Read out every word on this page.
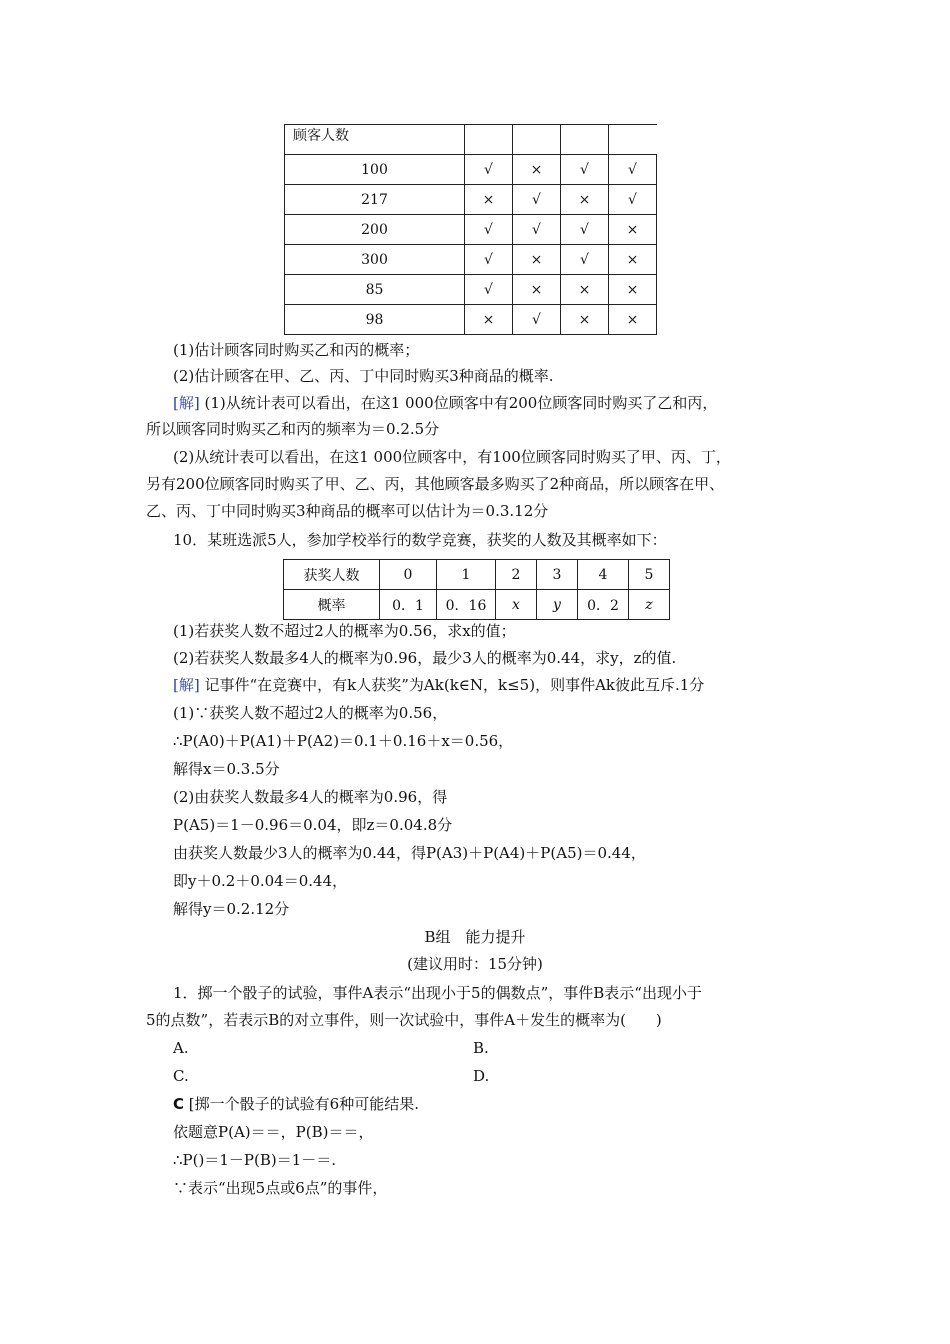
顾客人数				
100	√	×	√	√
217	×	√	×	√
200	√	√	√	×
300	√	×	√	×
85	√	×	×	×
98	×	√	×	×
(1)估计顾客同时购买乙和丙的概率；
(2)估计顾客在甲、乙、丙、丁中同时购买3种商品的概率.
[解] (1)从统计表可以看出，在这1 000位顾客中有200位顾客同时购买了乙和丙，
所以顾客同时购买乙和丙的频率为＝0.2.5分
(2)从统计表可以看出，在这1 000位顾客中，有100位顾客同时购买了甲、丙、丁，
另有200位顾客同时购买了甲、乙、丙，其他顾客最多购买了2种商品，所以顾客在甲、
乙、丙、丁中同时购买3种商品的概率可以估计为＝0.3.12分
10．某班选派5人，参加学校举行的数学竞赛，获奖的人数及其概率如下：
获奖人数	0	1	2	3	4	5
概率	0．1	0．16	x	y	0．2	z
(1)若获奖人数不超过2人的概率为0.56，求x的值；
(2)若获奖人数最多4人的概率为0.96，最少3人的概率为0.44，求y，z的值.
[解] 记事件“在竞赛中，有k人获奖”为Ak(k∈N，k≤5)，则事件Ak彼此互斥.1分
(1)∵获奖人数不超过2人的概率为0.56，
∴P(A0)＋P(A1)＋P(A2)＝0.1＋0.16＋x＝0.56，
解得x＝0.3.5分
(2)由获奖人数最多4人的概率为0.96，得
P(A5)＝1－0.96＝0.04，即z＝0.04.8分
由获奖人数最少3人的概率为0.44，得P(A3)＋P(A4)＋P(A5)＝0.44，
即y＋0.2＋0.04＝0.44，
解得y＝0.2.12分
B组　能力提升
(建议用时：15分钟)
1．掷一个骰子的试验，事件A表示“出现小于5的偶数点”，事件B表示“出现小于
5的点数”，若表示B的对立事件，则一次试验中，事件A＋发生的概率为(　　)
A.	B.
C.	D.
C [掷一个骰子的试验有6种可能结果.
依题意P(A)＝＝，P(B)＝＝，
∴P()＝1－P(B)＝1－＝.
∵表示“出现5点或6点”的事件，
